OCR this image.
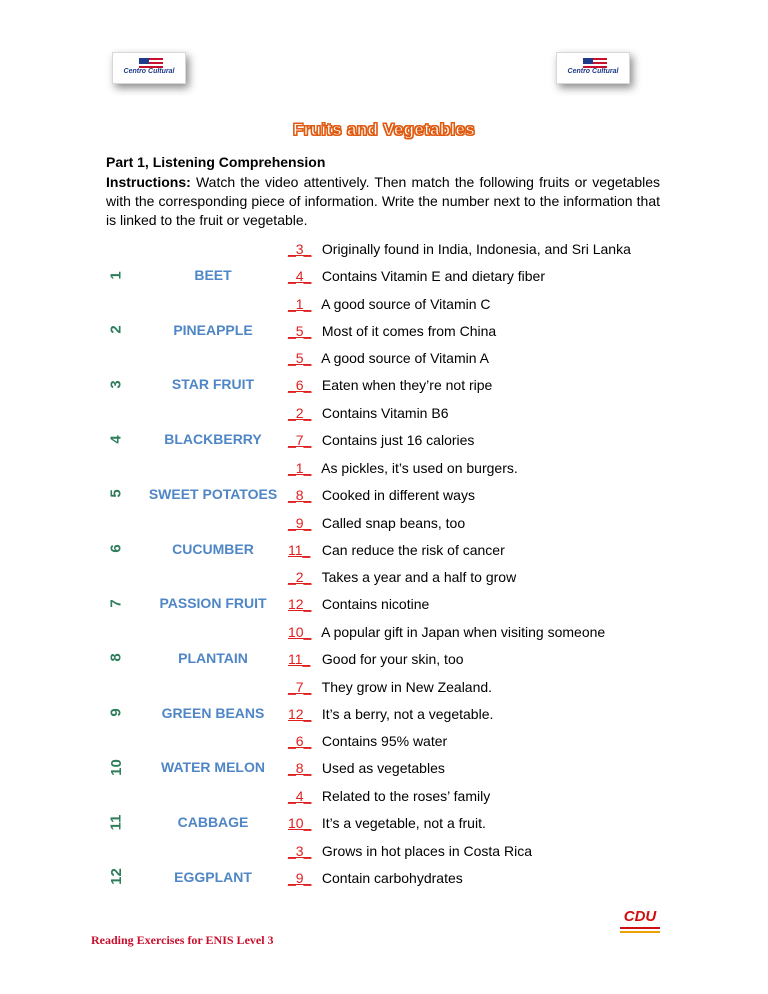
Centro Cultural	Centro Cultural
Fruits and Vegetables
Part 1, Listening Comprehension
Instructions: Watch the video attentively. Then match the following fruits or vegetables with the corresponding piece of information. Write the number next to the information that is linked to the fruit or vegetable.
1	BEET
_3_ Originally found in India, Indonesia, and Sri Lanka
_4_ Contains Vitamin E and dietary fiber
2	PINEAPPLE
_1_ A good source of Vitamin C
_5_ Most of it comes from China
3	STAR FRUIT
_5_ A good source of Vitamin A
_6_ Eaten when they’re not ripe
4	BLACKBERRY
_2_ Contains Vitamin B6
_7_ Contains just 16 calories
5 SWEET POTATOES
_1_ As pickles, it’s used on burgers.
_8_ Cooked in different ways
6	CUCUMBER
_9_ Called snap beans, too
11_ Can reduce the risk of cancer
7	PASSION FRUIT
_2_ Takes a year and a half to grow
12_ Contains nicotine
8	PLANTAIN
10_ A popular gift in Japan when visiting someone
11_ Good for your skin, too
9	GREEN BEANS
_7_ They grow in New Zealand.
12_ It’s a berry, not a vegetable.
10	WATER MELON
_6_ Contains 95% water
_8_ Used as vegetables
11	CABBAGE
_4_ Related to the roses’ family
10_ It’s a vegetable, not a fruit.
12	EGGPLANT
_3_ Grows in hot places in Costa Rica
_9_ Contain carbohydrates
Reading Exercises for ENIS Level 3
CDU
